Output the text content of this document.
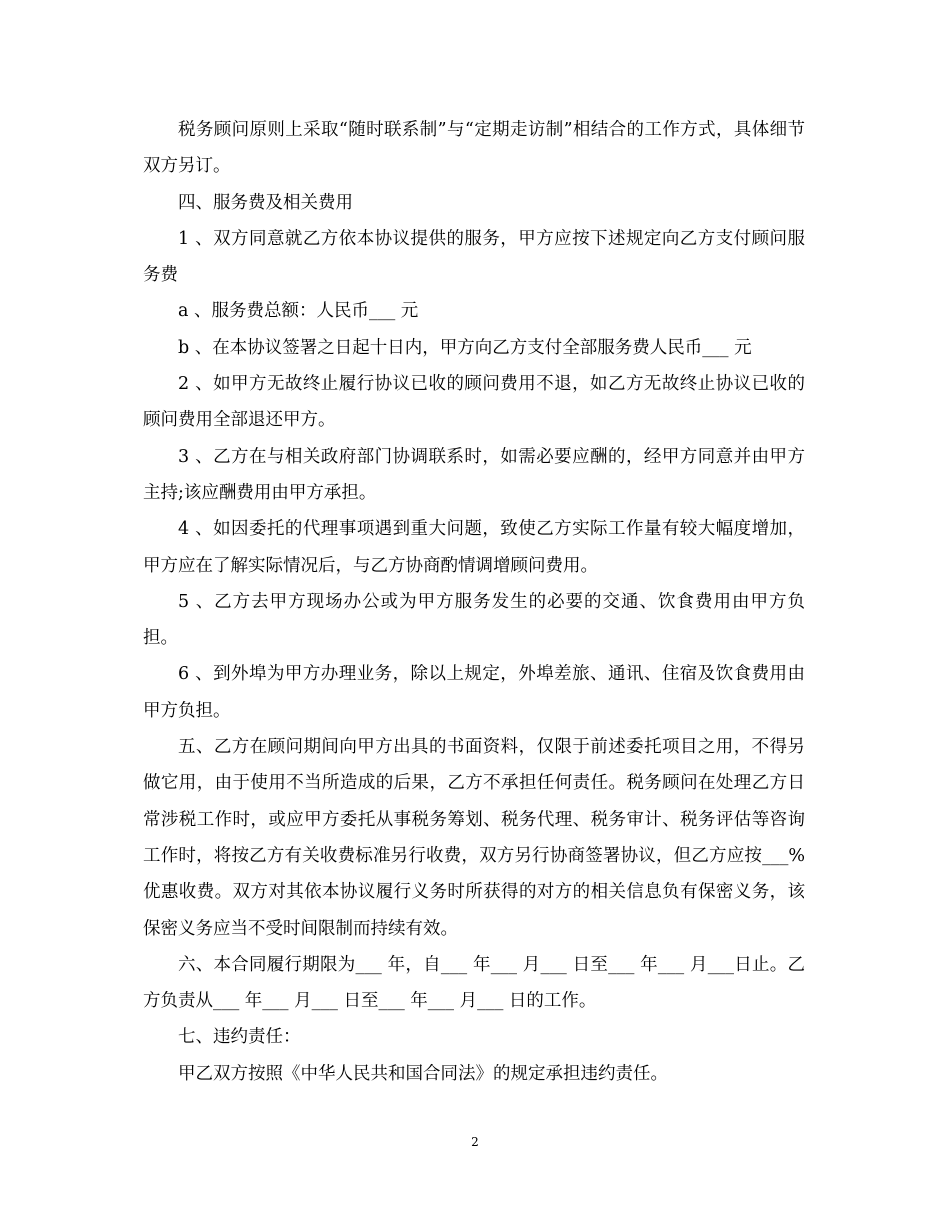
税务顾问原则上采取“随时联系制”与“定期走访制”相结合的工作方式，具体细节双方另订。

四、服务费及相关费用

1 、双方同意就乙方依本协议提供的服务，甲方应按下述规定向乙方支付顾问服务费

a 、服务费总额：人民币___ 元

b 、在本协议签署之日起十日内，甲方向乙方支付全部服务费人民币___ 元

2 、如甲方无故终止履行协议已收的顾问费用不退，如乙方无故终止协议已收的顾问费用全部退还甲方。

3 、乙方在与相关政府部门协调联系时，如需必要应酬的，经甲方同意并由甲方主持;该应酬费用由甲方承担。

4 、如因委托的代理事项遇到重大问题，致使乙方实际工作量有较大幅度增加，甲方应在了解实际情况后，与乙方协商酌情调增顾问费用。

5 、乙方去甲方现场办公或为甲方服务发生的必要的交通、饮食费用由甲方负担。

6 、到外埠为甲方办理业务，除以上规定，外埠差旅、通讯、住宿及饮食费用由甲方负担。

五、乙方在顾问期间向甲方出具的书面资料，仅限于前述委托项目之用，不得另做它用，由于使用不当所造成的后果，乙方不承担任何责任。税务顾问在处理乙方日常涉税工作时，或应甲方委托从事税务筹划、税务代理、税务审计、税务评估等咨询工作时，将按乙方有关收费标准另行收费，双方另行协商签署协议，但乙方应按___%优惠收费。双方对其依本协议履行义务时所获得的对方的相关信息负有保密义务，该保密义务应当不受时间限制而持续有效。

六、本合同履行期限为___ 年，自___ 年___ 月___ 日至___ 年___ 月___日止。乙方负责从___ 年___ 月___ 日至___ 年___ 月___ 日的工作。

七、违约责任：

甲乙双方按照《中华人民共和国合同法》的规定承担违约责任。

2
